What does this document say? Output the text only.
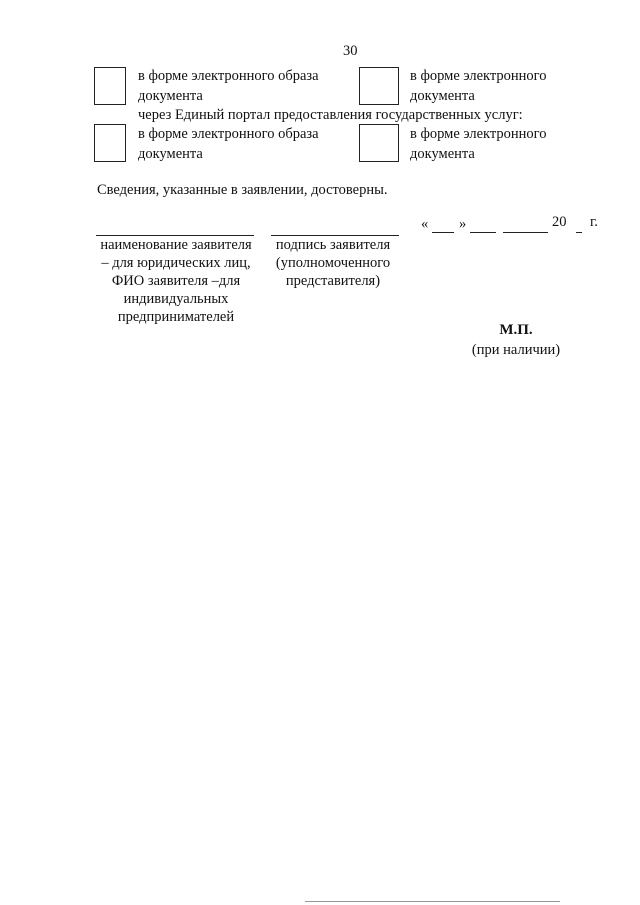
30
в форме электронного образа
документа
в форме электронного
документа
через Единый портал предоставления государственных услуг:
в форме электронного образа
документа
в форме электронного
документа
Сведения, указанные в заявлении, достоверны.
« »	20 г.
наименование заявителя
– для юридических лиц,
ФИО заявителя –для
индивидуальных
предпринимателей
подпись заявителя
(уполномоченного
представителя)
М.П.
(при наличии)
